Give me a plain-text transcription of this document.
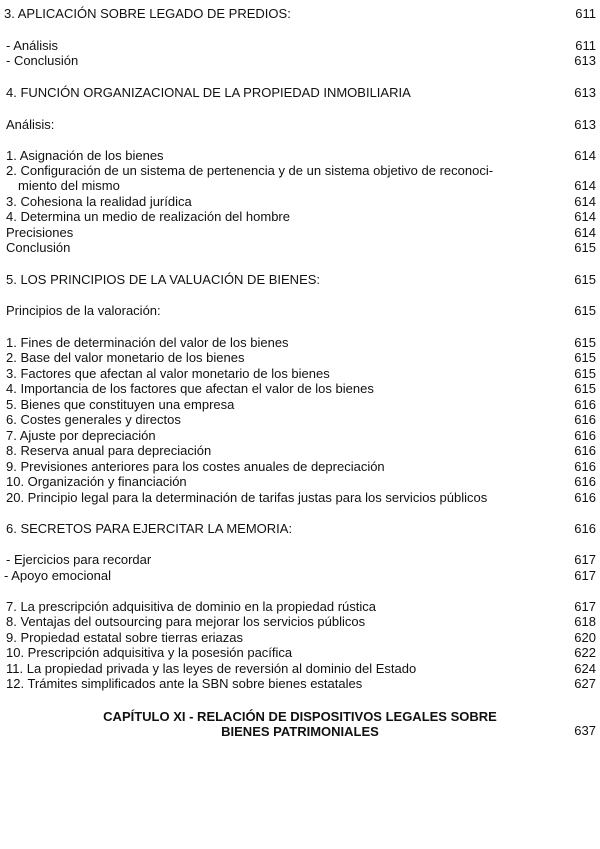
3. APLICACIÓN SOBRE LEGADO DE PREDIOS:	611
- Análisis	611
- Conclusión	613
4. FUNCIÓN ORGANIZACIONAL DE LA PROPIEDAD INMOBILIARIA	613
Análisis:	613
1. Asignación de los bienes	614
2. Configuración de un sistema de pertenencia y de un sistema objetivo de reconoci-
miento del mismo	614
3. Cohesiona la realidad jurídica	614
4. Determina un medio de realización del hombre	614
Precisiones	614
Conclusión	615
5. LOS PRINCIPIOS DE LA VALUACIÓN DE BIENES:	615
Principios de la valoración:	615
1. Fines de determinación del valor de los bienes	615
2. Base del valor monetario de los bienes	615
3. Factores que afectan al valor monetario de los bienes	615
4. Importancia de los factores que afectan el valor de los bienes	615
5. Bienes que constituyen una empresa	616
6. Costes generales y directos	616
7. Ajuste por depreciación	616
8. Reserva anual para depreciación	616
9. Previsiones anteriores para los costes anuales de depreciación	616
10. Organización y financiación	616
20. Principio legal para la determinación de tarifas justas para los servicios públicos	616
6. SECRETOS PARA EJERCITAR LA MEMORIA:	616
- Ejercicios para recordar	617
- Apoyo emocional	617
7. La prescripción adquisitiva de dominio en la propiedad rústica	617
8. Ventajas del outsourcing para mejorar los servicios públicos	618
9. Propiedad estatal sobre tierras eriazas	620
10. Prescripción adquisitiva y la posesión pacífica	622
11. La propiedad privada y las leyes de reversión al dominio del Estado	624
12. Trámites simplificados ante la SBN sobre bienes estatales	627
CAPÍTULO XI - RELACIÓN DE DISPOSITIVOS LEGALES SOBRE
BIENES PATRIMONIALES	637
